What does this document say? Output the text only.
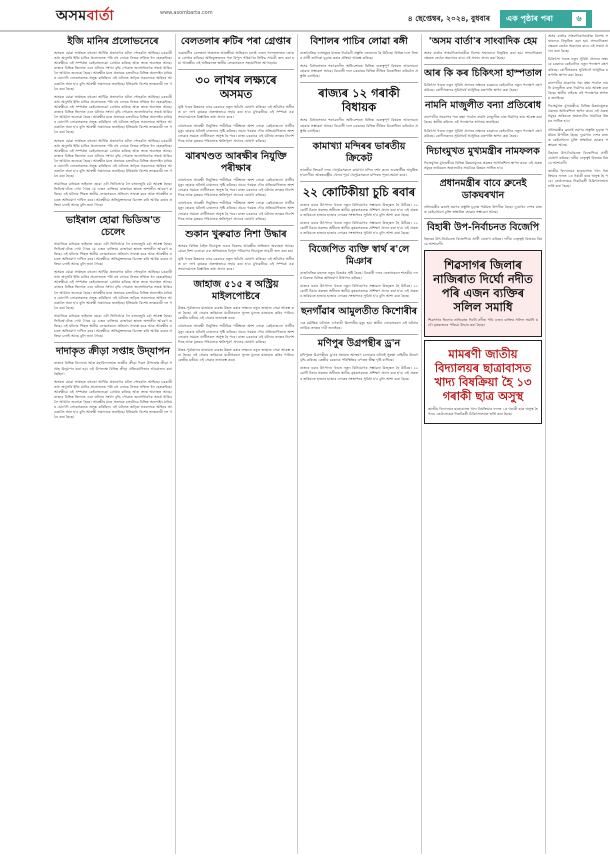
অসম বাৰ্তা	www.asombarta.com
৪ ছেপ্তেম্বৰ, ২০২৪, বুধবাৰ এক পৃষ্ঠাৰ পৰা	৬
ইজি মানিৰ প্ৰলোভনেৰে

অসমত যোৱা সপ্তাহত বহুতো আৰ্থিক প্ৰতাৰণাৰ ঘটনা পোহৰলৈ আহিছে। চৰকাৰী তথ্য অনুসৰি ইজি মানিৰ প্ৰলোভনত পৰি বহু লোকে নিজৰ সঞ্চিত ধন হেৰুৱাইছে। আৰক্ষীয়ে এই সম্পৰ্কত কেইবাজনকো গ্ৰেপ্তাৰ কৰিছে আৰু তদন্ত অব্যাহত আছে। ৰাজ্যৰ বিভিন্ন জিলাত এনে ঘটনাৰ সংখ্যা বৃদ্ধি পোৱাত জনসাধাৰণক সতৰ্ক থাকিবলৈ আহ্বান জনোৱা হৈছে। আৰক্ষীৰ মতে প্ৰতাৰক চক্ৰটোৱে বিভিন্ন অনলাইন মাধ্যমৰ যোগেদি লোকসকলক প্ৰলুব্ধ কৰিছিল। এই ঘটনাত জড়িত সকলোকে আইনৰ আওতালৈ অনা হ'ব বুলি আৰক্ষী সঞ্চালকে জনাইছে। ইতিমধ্যে বিশেষ তদন্তকাৰী দল গঠন কৰা হৈছে।

অসমত যোৱা সপ্তাহত বহুতো আৰ্থিক প্ৰতাৰণাৰ ঘটনা পোহৰলৈ আহিছে। চৰকাৰী তথ্য অনুসৰি ইজি মানিৰ প্ৰলোভনত পৰি বহু লোকে নিজৰ সঞ্চিত ধন হেৰুৱাইছে। আৰক্ষীয়ে এই সম্পৰ্কত কেইবাজনকো গ্ৰেপ্তাৰ কৰিছে আৰু তদন্ত অব্যাহত আছে। ৰাজ্যৰ বিভিন্ন জিলাত এনে ঘটনাৰ সংখ্যা বৃদ্ধি পোৱাত জনসাধাৰণক সতৰ্ক থাকিবলৈ আহ্বান জনোৱা হৈছে। আৰক্ষীৰ মতে প্ৰতাৰক চক্ৰটোৱে বিভিন্ন অনলাইন মাধ্যমৰ যোগেদি লোকসকলক প্ৰলুব্ধ কৰিছিল। এই ঘটনাত জড়িত সকলোকে আইনৰ আওতালৈ অনা হ'ব বুলি আৰক্ষী সঞ্চালকে জনাইছে। ইতিমধ্যে বিশেষ তদন্তকাৰী দল গঠন কৰা হৈছে।

অসমত যোৱা সপ্তাহত বহুতো আৰ্থিক প্ৰতাৰণাৰ ঘটনা পোহৰলৈ আহিছে। চৰকাৰী তথ্য অনুসৰি ইজি মানিৰ প্ৰলোভনত পৰি বহু লোকে নিজৰ সঞ্চিত ধন হেৰুৱাইছে। আৰক্ষীয়ে এই সম্পৰ্কত কেইবাজনকো গ্ৰেপ্তাৰ কৰিছে আৰু তদন্ত অব্যাহত আছে। ৰাজ্যৰ বিভিন্ন জিলাত এনে ঘটনাৰ সংখ্যা বৃদ্ধি পোৱাত জনসাধাৰণক সতৰ্ক থাকিবলৈ আহ্বান জনোৱা হৈছে। আৰক্ষীৰ মতে প্ৰতাৰক চক্ৰটোৱে বিভিন্ন অনলাইন মাধ্যমৰ যোগেদি লোকসকলক প্ৰলুব্ধ কৰিছিল। এই ঘটনাত জড়িত সকলোকে আইনৰ আওতালৈ অনা হ'ব বুলি আৰক্ষী সঞ্চালকে জনাইছে। ইতিমধ্যে বিশেষ তদন্তকাৰী দল গঠন কৰা হৈছে।

সামাজিক মাধ্যমত ভাইৰাল হোৱা এটা ভিডিঅ'ক লৈ ৰাজ্যজুৰি চৰ্চা আৰম্ভ হৈছে। ভিডিঅ'টোত দেখা গৈছে যে এজন ব্যক্তিয়ে ৰাজহুৱা স্থানত অশালীন আচৰণ কৰিছে। এই ঘটনাৰ পিছত স্থানীয় লোকসকলে প্ৰতিবাদ সাব্যস্ত কৰে আৰু আৰক্ষীৰ ওচৰত অভিযোগ দাখিল কৰে। আৰক্ষীয়ে অভিযুক্তজনক চিনাক্ত কৰি আটক কৰাৰ প্ৰক্ৰিয়া চলাই আছে বুলি জনা গৈছে।

ভাইৰাল হোৱা ভিডিঅ'ত চেলেং

সামাজিক মাধ্যমত ভাইৰাল হোৱা এটা ভিডিঅ'ক লৈ ৰাজ্যজুৰি চৰ্চা আৰম্ভ হৈছে। ভিডিঅ'টোত দেখা গৈছে যে এজন ব্যক্তিয়ে ৰাজহুৱা স্থানত অশালীন আচৰণ কৰিছে। এই ঘটনাৰ পিছত স্থানীয় লোকসকলে প্ৰতিবাদ সাব্যস্ত কৰে আৰু আৰক্ষীৰ ওচৰত অভিযোগ দাখিল কৰে। আৰক্ষীয়ে অভিযুক্তজনক চিনাক্ত কৰি আটক কৰাৰ প্ৰক্ৰিয়া চলাই আছে বুলি জনা গৈছে।

অসমত যোৱা সপ্তাহত বহুতো আৰ্থিক প্ৰতাৰণাৰ ঘটনা পোহৰলৈ আহিছে। চৰকাৰী তথ্য অনুসৰি ইজি মানিৰ প্ৰলোভনত পৰি বহু লোকে নিজৰ সঞ্চিত ধন হেৰুৱাইছে। আৰক্ষীয়ে এই সম্পৰ্কত কেইবাজনকো গ্ৰেপ্তাৰ কৰিছে আৰু তদন্ত অব্যাহত আছে। ৰাজ্যৰ বিভিন্ন জিলাত এনে ঘটনাৰ সংখ্যা বৃদ্ধি পোৱাত জনসাধাৰণক সতৰ্ক থাকিবলৈ আহ্বান জনোৱা হৈছে। আৰক্ষীৰ মতে প্ৰতাৰক চক্ৰটোৱে বিভিন্ন অনলাইন মাধ্যমৰ যোগেদি লোকসকলক প্ৰলুব্ধ কৰিছিল। এই ঘটনাত জড়িত সকলোকে আইনৰ আওতালৈ অনা হ'ব বুলি আৰক্ষী সঞ্চালকে জনাইছে। ইতিমধ্যে বিশেষ তদন্তকাৰী দল গঠন কৰা হৈছে।

সামাজিক মাধ্যমত ভাইৰাল হোৱা এটা ভিডিঅ'ক লৈ ৰাজ্যজুৰি চৰ্চা আৰম্ভ হৈছে। ভিডিঅ'টোত দেখা গৈছে যে এজন ব্যক্তিয়ে ৰাজহুৱা স্থানত অশালীন আচৰণ কৰিছে। এই ঘটনাৰ পিছত স্থানীয় লোকসকলে প্ৰতিবাদ সাব্যস্ত কৰে আৰু আৰক্ষীৰ ওচৰত অভিযোগ দাখিল কৰে। আৰক্ষীয়ে অভিযুক্তজনক চিনাক্ত কৰি আটক কৰাৰ প্ৰক্ৰিয়া চলাই আছে বুলি জনা গৈছে।

দাদাকৃত ক্ৰীড়া সপ্তাহ উদ্‌যাপন

ৰাজ্যৰ বিভিন্ন বিদ্যালয় আৰু মহাবিদ্যালয়ত জাতীয় ক্ৰীড়া দিৱস উপলক্ষে ক্ৰীড়া সপ্তাহ উদ্‌যাপন কৰা হয়। এই উপলক্ষে বিভিন্ন ক্ৰীড়া প্ৰতিযোগিতাৰ আয়োজন কৰা হৈছিল।

অসমত যোৱা সপ্তাহত বহুতো আৰ্থিক প্ৰতাৰণাৰ ঘটনা পোহৰলৈ আহিছে। চৰকাৰী তথ্য অনুসৰি ইজি মানিৰ প্ৰলোভনত পৰি বহু লোকে নিজৰ সঞ্চিত ধন হেৰুৱাইছে। আৰক্ষীয়ে এই সম্পৰ্কত কেইবাজনকো গ্ৰেপ্তাৰ কৰিছে আৰু তদন্ত অব্যাহত আছে। ৰাজ্যৰ বিভিন্ন জিলাত এনে ঘটনাৰ সংখ্যা বৃদ্ধি পোৱাত জনসাধাৰণক সতৰ্ক থাকিবলৈ আহ্বান জনোৱা হৈছে। আৰক্ষীৰ মতে প্ৰতাৰক চক্ৰটোৱে বিভিন্ন অনলাইন মাধ্যমৰ যোগেদি লোকসকলক প্ৰলুব্ধ কৰিছিল। এই ঘটনাত জড়িত সকলোকে আইনৰ আওতালৈ অনা হ'ব বুলি আৰক্ষী সঞ্চালকে জনাইছে। ইতিমধ্যে বিশেষ তদন্তকাৰী দল গঠন কৰা হৈছে।

বেলতলাৰ ৰুটিৰ পৰা গ্ৰেপ্তাৰ

গুৱাহাটীৰ বেলতলা অঞ্চলত আৰক্ষীয়ে অভিযান চলাই এজন সন্দেহভাজন লোকক গ্ৰেপ্তাৰ কৰিছে। অভিযুক্তজনৰ পৰা বিপুল পৰিমাণৰ নিষিদ্ধ সামগ্ৰী জব্দ কৰা হয়। আৰক্ষীৰ এই অভিযানত স্থানীয় লোকসকলে সহযোগিতা আগবঢ়ায়।

৩০ লাখৰ লক্ষ্যৰে অসমত

কৃষি খণ্ডৰ উন্নয়নৰ বাবে চৰকাৰে নতুন আঁচনি ঘোষণা কৰিছে। এই আঁচনিৰ অধীনত ৩০ লাখ কৃষকক প্ৰত্যক্ষভাৱে সহায় কৰা হ'ব। মুখ্যমন্ত্ৰীয়ে এই সম্পৰ্কে এক সংবাদমেলত বিস্তাৰিত তথ্য প্ৰদান কৰে।

ঝাৰখণ্ডত আৰক্ষী নিযুক্তিৰ শাৰীৰিক পৰীক্ষাত অংশ লোৱা কেইবাজনো প্ৰাৰ্থীৰ মৃত্যু হোৱাৰ ঘটনাই চাঞ্চল্যৰ সৃষ্টি কৰিছে। প্ৰচণ্ড গৰমত দৌৰ প্ৰতিযোগিতাত অংশ লোৱাৰ সময়ত প্ৰাৰ্থীসকল অসুস্থ হৈ পৰে। ৰাজ্য চৰকাৰে এই ঘটনাৰ তদন্তৰ নিৰ্দেশ দিছে আৰু মৃতকৰ পৰিয়ালক ক্ষতিপূৰণ প্ৰদানৰ ঘোষণা কৰিছে।

ঝাৰখণ্ডত আৰক্ষীৰ নিযুক্তি পৰীক্ষাৰ

ঝাৰখণ্ডত আৰক্ষী নিযুক্তিৰ শাৰীৰিক পৰীক্ষাত অংশ লোৱা কেইবাজনো প্ৰাৰ্থীৰ মৃত্যু হোৱাৰ ঘটনাই চাঞ্চল্যৰ সৃষ্টি কৰিছে। প্ৰচণ্ড গৰমত দৌৰ প্ৰতিযোগিতাত অংশ লোৱাৰ সময়ত প্ৰাৰ্থীসকল অসুস্থ হৈ পৰে। ৰাজ্য চৰকাৰে এই ঘটনাৰ তদন্তৰ নিৰ্দেশ দিছে আৰু মৃতকৰ পৰিয়ালক ক্ষতিপূৰণ প্ৰদানৰ ঘোষণা কৰিছে।

ঝাৰখণ্ডত আৰক্ষী নিযুক্তিৰ শাৰীৰিক পৰীক্ষাত অংশ লোৱা কেইবাজনো প্ৰাৰ্থীৰ মৃত্যু হোৱাৰ ঘটনাই চাঞ্চল্যৰ সৃষ্টি কৰিছে। প্ৰচণ্ড গৰমত দৌৰ প্ৰতিযোগিতাত অংশ লোৱাৰ সময়ত প্ৰাৰ্থীসকল অসুস্থ হৈ পৰে। ৰাজ্য চৰকাৰে এই ঘটনাৰ তদন্তৰ নিৰ্দেশ দিছে আৰু মৃতকৰ পৰিয়ালক ক্ষতিপূৰণ প্ৰদানৰ ঘোষণা কৰিছে।

শুকান খুৰুৱাত নিশা উদ্ধাৰ

অসমৰ বিভিন্ন ঠাইত নিচাযুক্ত দ্ৰব্যৰ বিৰুদ্ধে আৰক্ষীৰ অভিযান অব্যাহত আছে। যোৱা নিশা চলোৱা এক অভিযানত বিপুল পৰিমাণৰ নিচাযুক্ত সামগ্ৰী জব্দ কৰা হয়।

কৃষি খণ্ডৰ উন্নয়নৰ বাবে চৰকাৰে নতুন আঁচনি ঘোষণা কৰিছে। এই আঁচনিৰ অধীনত ৩০ লাখ কৃষকক প্ৰত্যক্ষভাৱে সহায় কৰা হ'ব। মুখ্যমন্ত্ৰীয়ে এই সম্পৰ্কে এক সংবাদমেলত বিস্তাৰিত তথ্য প্ৰদান কৰে।

জাহাজ ৫১৫ ৰ অস্ট্ৰিয় মাইলপোষ্টৰে

উত্তৰ-পূৰ্বাঞ্চলৰ যাতায়ত ব্যৱস্থা উন্নত কৰাৰ লক্ষ্যৰে নতুন জাহাজ সেৱা আৰম্ভ কৰা হৈছে। এই সেৱাৰ জৰিয়তে যাত্ৰীসকলে সুলভ মূল্যত যাতায়ত কৰিব পাৰিব। কেন্দ্ৰীয় মন্ত্ৰীয়ে এই সেৱাৰ শুভাৰম্ভ কৰে।

ঝাৰখণ্ডত আৰক্ষী নিযুক্তিৰ শাৰীৰিক পৰীক্ষাত অংশ লোৱা কেইবাজনো প্ৰাৰ্থীৰ মৃত্যু হোৱাৰ ঘটনাই চাঞ্চল্যৰ সৃষ্টি কৰিছে। প্ৰচণ্ড গৰমত দৌৰ প্ৰতিযোগিতাত অংশ লোৱাৰ সময়ত প্ৰাৰ্থীসকল অসুস্থ হৈ পৰে। ৰাজ্য চৰকাৰে এই ঘটনাৰ তদন্তৰ নিৰ্দেশ দিছে আৰু মৃতকৰ পৰিয়ালক ক্ষতিপূৰণ প্ৰদানৰ ঘোষণা কৰিছে।

উত্তৰ-পূৰ্বাঞ্চলৰ যাতায়ত ব্যৱস্থা উন্নত কৰাৰ লক্ষ্যৰে নতুন জাহাজ সেৱা আৰম্ভ কৰা হৈছে। এই সেৱাৰ জৰিয়তে যাত্ৰীসকলে সুলভ মূল্যত যাতায়ত কৰিব পাৰিব। কেন্দ্ৰীয় মন্ত্ৰীয়ে এই সেৱাৰ শুভাৰম্ভ কৰে।

বিশালৰ পাচিৰ লোৱা ৰঙ্গী

ৰাজনৈতিক দলসমূহৰ মাজত নিৰ্বাচনী প্ৰস্তুতি জোৰদাৰ হৈ উঠিছে। বিভিন্ন দলে নিজৰ প্ৰাৰ্থী তালিকা চূড়ান্ত কৰাৰ প্ৰক্ৰিয়া আৰম্ভ কৰিছে।

অসম বিধানসভাৰ শৰৎকালীন অধিবেশনত বিভিন্ন গুৰুত্বপূৰ্ণ বিষয়ত আলোচনা হোৱাৰ সম্ভাৱনা আছে। বিৰোধী দলে চৰকাৰৰ বিভিন্ন নীতিৰ বিৰোধিতা কৰিবলৈ প্ৰস্তুতি চলাইছে।

ৰাজ্যৰ ১২ গৰাকী বিধায়ক

অসম বিধানসভাৰ শৰৎকালীন অধিবেশনত বিভিন্ন গুৰুত্বপূৰ্ণ বিষয়ত আলোচনা হোৱাৰ সম্ভাৱনা আছে। বিৰোধী দলে চৰকাৰৰ বিভিন্ন নীতিৰ বিৰোধিতা কৰিবলৈ প্ৰস্তুতি চলাইছে।

কামাখ্যা মন্দিৰৰ ভাৰতীয় ক্ৰিকেট

ভাৰতীয় ক্ৰিকেট দলৰ খেলুৱৈসকলে কামাখ্যা মন্দিৰ দৰ্শন কৰে। গুৱাহাটীত অনুষ্ঠিত হ'বলগীয়া আন্তঃৰাষ্ট্ৰীয় খেলৰ পূৰ্বে খেলুৱৈসকলে মন্দিৰত পূজা-অৰ্চনা কৰে।

২২ কোটিকীয়া চুচি ৰবাৰ

ৰাজ্যৰ ৰবাৰ উৎপাদন খণ্ডত নতুন বিনিয়োগৰ সম্ভাৱনা উজ্জ্বল হৈ উঠিছে। ২২ কোটি টকাৰ প্ৰকল্পৰ অধীনত স্থানীয় কৃষকসকলক প্ৰশিক্ষণ প্ৰদান কৰা হ'ব। এই প্ৰকল্পৰ জৰিয়তে হাজাৰ হাজাৰ লোকৰ সংস্থাপনৰ সুবিধা হ'ব বুলি আশা কৰা হৈছে।

ৰাজ্যৰ ৰবাৰ উৎপাদন খণ্ডত নতুন বিনিয়োগৰ সম্ভাৱনা উজ্জ্বল হৈ উঠিছে। ২২ কোটি টকাৰ প্ৰকল্পৰ অধীনত স্থানীয় কৃষকসকলক প্ৰশিক্ষণ প্ৰদান কৰা হ'ব। এই প্ৰকল্পৰ জৰিয়তে হাজাৰ হাজাৰ লোকৰ সংস্থাপনৰ সুবিধা হ'ব বুলি আশা কৰা হৈছে।

বিজেপিত ব্যক্তি স্বাৰ্থ ৰ'লে মিঞাৰ

ৰাজনৈতিক মহলত নতুন বিতৰ্কৰ সৃষ্টি হৈছে। বিৰোধী দলৰ নেতাসকলে শাসকীয় দলৰ বিৰুদ্ধে বিভিন্ন অভিযোগ উত্থাপন কৰিছে।

ৰাজ্যৰ ৰবাৰ উৎপাদন খণ্ডত নতুন বিনিয়োগৰ সম্ভাৱনা উজ্জ্বল হৈ উঠিছে। ২২ কোটি টকাৰ প্ৰকল্পৰ অধীনত স্থানীয় কৃষকসকলক প্ৰশিক্ষণ প্ৰদান কৰা হ'ব। এই প্ৰকল্পৰ জৰিয়তে হাজাৰ হাজাৰ লোকৰ সংস্থাপনৰ সুবিধা হ'ব বুলি আশা কৰা হৈছে।

ছনগাঁৱাৰ আমুলতীত কিশোৰীৰ

এক মৰ্মান্তিক ঘটনাত এগৰাকী কিশোৰীৰ মৃত্যু হয়। স্থানীয় লোকসকলে এই ঘটনাৰ ন্যায়িক তদন্তৰ দাবী জনাইছে।

মণিপুৰ উগ্ৰপন্থীৰ ড্ৰ'ন

মণিপুৰত উগ্ৰপন্থীয়ে ড্ৰ'নৰ সহায়ত আক্ৰমণ চলোৱাৰ ঘটনাই সুৰক্ষা বাহিনীৰ উদ্বেগ বৃদ্ধি কৰিছে। কেন্দ্ৰীয় চৰকাৰে পৰিস্থিতিৰ ওপৰত তীক্ষ্ণ দৃষ্টি ৰাখিছে।

ৰাজ্যৰ ৰবাৰ উৎপাদন খণ্ডত নতুন বিনিয়োগৰ সম্ভাৱনা উজ্জ্বল হৈ উঠিছে। ২২ কোটি টকাৰ প্ৰকল্পৰ অধীনত স্থানীয় কৃষকসকলক প্ৰশিক্ষণ প্ৰদান কৰা হ'ব। এই প্ৰকল্পৰ জৰিয়তে হাজাৰ হাজাৰ লোকৰ সংস্থাপনৰ সুবিধা হ'ব বুলি আশা কৰা হৈছে।

'অসম বাৰ্তা'ৰ সাংবাদিক হেম

অসম বাৰ্তাৰ সাংবাদিকগৰাকীক বিশেষ সন্মানেৰে বিভূষিত কৰা হয়। সাংবাদিকতা ক্ষেত্ৰত তেওঁৰ অৱদানৰ বাবে এই সন্মান প্ৰদান কৰা হৈছে।

আৰ কি কৰ চিকিৎসা হাস্পতাল

চিকিৎসা খণ্ডত নতুন সুবিধা প্ৰদানৰ লক্ষ্যৰে চৰকাৰে কেইবাটাও নতুন পদক্ষেপ গ্ৰহণ কৰিছে। ৰোগীসকলৰ সুবিধাৰ্থে আধুনিক যন্ত্ৰপাতি স্থাপন কৰা হৈছে।

নামনি মাজুলীত বন্যা প্ৰতিৰোধ

বানপানীৰ প্ৰকোপৰ পৰা ৰক্ষা পাবলৈ নামনি মাজুলীত বান্ধ নিৰ্মাণৰ কাম আৰম্ভ কৰা হৈছে। স্থানীয় ৰাইজে এই পদক্ষেপক স্বাগতম জনাইছে।

চিকিৎসা খণ্ডত নতুন সুবিধা প্ৰদানৰ লক্ষ্যৰে চৰকাৰে কেইবাটাও নতুন পদক্ষেপ গ্ৰহণ কৰিছে। ৰোগীসকলৰ সুবিধাৰ্থে আধুনিক যন্ত্ৰপাতি স্থাপন কৰা হৈছে।

দিচাংমুখত মুখ্যমন্ত্ৰীৰ নামফলক

দিচাংমুখত মুখ্যমন্ত্ৰীয়ে বিভিন্ন উন্নয়নমূলক প্ৰকল্পৰ আধাৰশিলা স্থাপন কৰে। এই প্ৰকল্পসমূহৰ জৰিয়তে অঞ্চলটোৰ সামগ্ৰিক উন্নয়ন সাধিত হ'ব।

প্ৰধানমন্ত্ৰীৰ বাবে ব্ৰুনেই ডাকঘৰখান

প্ৰধানমন্ত্ৰীৰ ব্ৰুনেই ভ্ৰমণৰ প্ৰস্তুতি চূড়ান্ত পৰ্যায়ত উপনীত হৈছে। দুয়োখন দেশৰ মাজত কেইবাখনো চুক্তি স্বাক্ষৰিত হোৱাৰ সম্ভাৱনা আছে।

বিহাৰী উপ-নিৰ্বাচনত বিজেপি

বিহাৰৰ উপ-নিৰ্বাচনত বিজেপিয়ে প্ৰাৰ্থী ঘোষণা কৰিছে। দলীয় নেতৃত্বই বিজয়ৰ বিষয়ে আশাবাদী।

শিৱসাগৰ জিলাৰ নাজিৰাত দিৰ্ঘো নদীত পৰি এজন ব্যক্তিৰ সলিল সমাধি

শিৱসাগৰ জিলাৰ নাজিৰাত দিখৌ নদীত পৰি এজন ব্যক্তিৰ সলিল সমাধি ঘটে। মৃতকজনৰ পৰিচয় উদ্ধাৰ কৰা হৈছে।

মামৰণী জাতীয় বিদ্যালয়ৰ ছাত্ৰাবাসত খাদ্য বিষক্ৰিয়া হৈ ১৩ গৰাকী ছাত্ৰ অসুস্থ

জাতীয় বিদ্যালয়ৰ ছাত্ৰাবাসত খাদ্য বিষক্ৰিয়াৰ ফলত ১৩ গৰাকী ছাত্ৰ অসুস্থ হৈ পৰে। তেওঁলোকক নিকটৱৰ্তী চিকিৎসালয়ত ভৰ্তি কৰা হৈছে।

অসম বাৰ্তাৰ সাংবাদিকগৰাকীক বিশেষ সন্মানেৰে বিভূষিত কৰা হয়। সাংবাদিকতা ক্ষেত্ৰত তেওঁৰ অৱদানৰ বাবে এই সন্মান প্ৰদান কৰা হৈছে।

চিকিৎসা খণ্ডত নতুন সুবিধা প্ৰদানৰ লক্ষ্যৰে চৰকাৰে কেইবাটাও নতুন পদক্ষেপ গ্ৰহণ কৰিছে। ৰোগীসকলৰ সুবিধাৰ্থে আধুনিক যন্ত্ৰপাতি স্থাপন কৰা হৈছে।

বানপানীৰ প্ৰকোপৰ পৰা ৰক্ষা পাবলৈ নামনি মাজুলীত বান্ধ নিৰ্মাণৰ কাম আৰম্ভ কৰা হৈছে। স্থানীয় ৰাইজে এই পদক্ষেপক স্বাগতম জনাইছে।

দিচাংমুখত মুখ্যমন্ত্ৰীয়ে বিভিন্ন উন্নয়নমূলক প্ৰকল্পৰ আধাৰশিলা স্থাপন কৰে। এই প্ৰকল্পসমূহৰ জৰিয়তে অঞ্চলটোৰ সামগ্ৰিক উন্নয়ন সাধিত হ'ব।

প্ৰধানমন্ত্ৰীৰ ব্ৰুনেই ভ্ৰমণৰ প্ৰস্তুতি চূড়ান্ত পৰ্যায়ত উপনীত হৈছে। দুয়োখন দেশৰ মাজত কেইবাখনো চুক্তি স্বাক্ষৰিত হোৱাৰ সম্ভাৱনা আছে।

বিহাৰৰ উপ-নিৰ্বাচনত বিজেপিয়ে প্ৰাৰ্থী ঘোষণা কৰিছে। দলীয় নেতৃত্বই বিজয়ৰ বিষয়ে আশাবাদী।

জাতীয় বিদ্যালয়ৰ ছাত্ৰাবাসত খাদ্য বিষক্ৰিয়াৰ ফলত ১৩ গৰাকী ছাত্ৰ অসুস্থ হৈ পৰে। তেওঁলোকক নিকটৱৰ্তী চিকিৎসালয়ত ভৰ্তি কৰা হৈছে।
